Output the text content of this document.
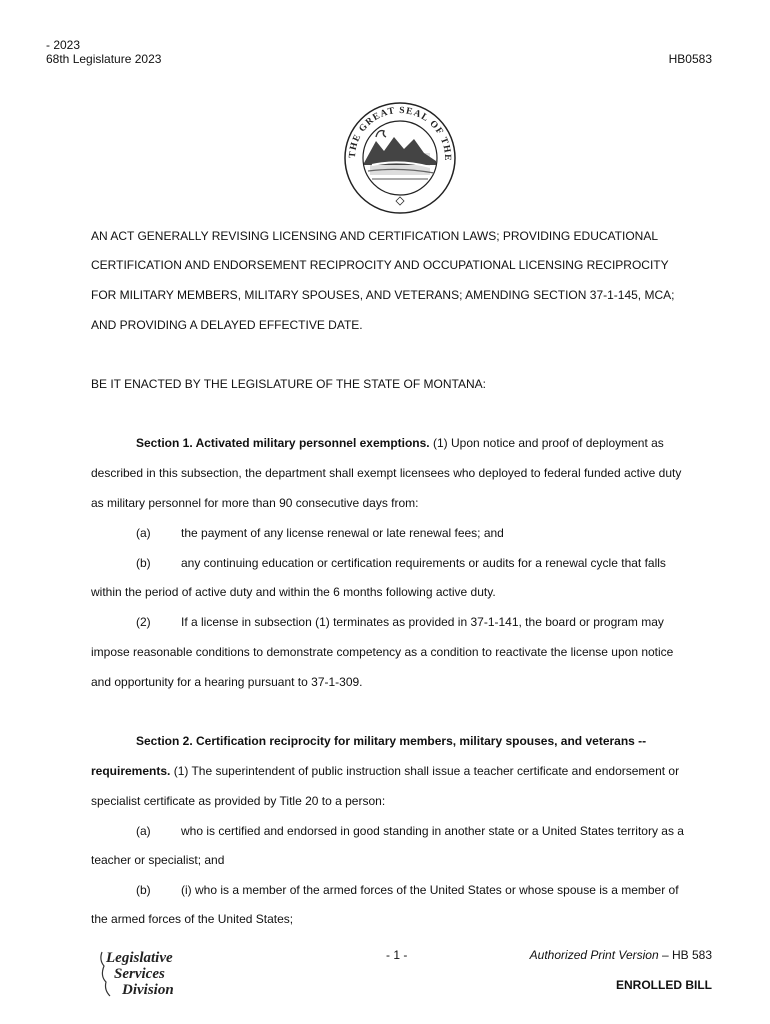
- 2023
68th Legislature 2023	HB0583
THE GREAT SEAL OF THE
AN ACT GENERALLY REVISING LICENSING AND CERTIFICATION LAWS; PROVIDING EDUCATIONAL
CERTIFICATION AND ENDORSEMENT RECIPROCITY AND OCCUPATIONAL LICENSING RECIPROCITY
FOR MILITARY MEMBERS, MILITARY SPOUSES, AND VETERANS; AMENDING SECTION 37-1-145, MCA;
AND PROVIDING A DELAYED EFFECTIVE DATE.
BE IT ENACTED BY THE LEGISLATURE OF THE STATE OF MONTANA:
Section 1. Activated military personnel exemptions. (1) Upon notice and proof of deployment as
described in this subsection, the department shall exempt licensees who deployed to federal funded active duty
as military personnel for more than 90 consecutive days from:
(a)	the payment of any license renewal or late renewal fees; and
(b)	any continuing education or certification requirements or audits for a renewal cycle that falls
within the period of active duty and within the 6 months following active duty.
(2)	If a license in subsection (1) terminates as provided in 37-1-141, the board or program may
impose reasonable conditions to demonstrate competency as a condition to reactivate the license upon notice
and opportunity for a hearing pursuant to 37-1-309.
Section 2. Certification reciprocity for military members, military spouses, and veterans --
requirements. (1) The superintendent of public instruction shall issue a teacher certificate and endorsement or
specialist certificate as provided by Title 20 to a person:
(a)	who is certified and endorsed in good standing in another state or a United States territory as a
teacher or specialist; and
(b)	(i) who is a member of the armed forces of the United States or whose spouse is a member of
the armed forces of the United States;
Legislative
Services
Division
- 1 -	Authorized Print Version – HB 583
ENROLLED BILL
